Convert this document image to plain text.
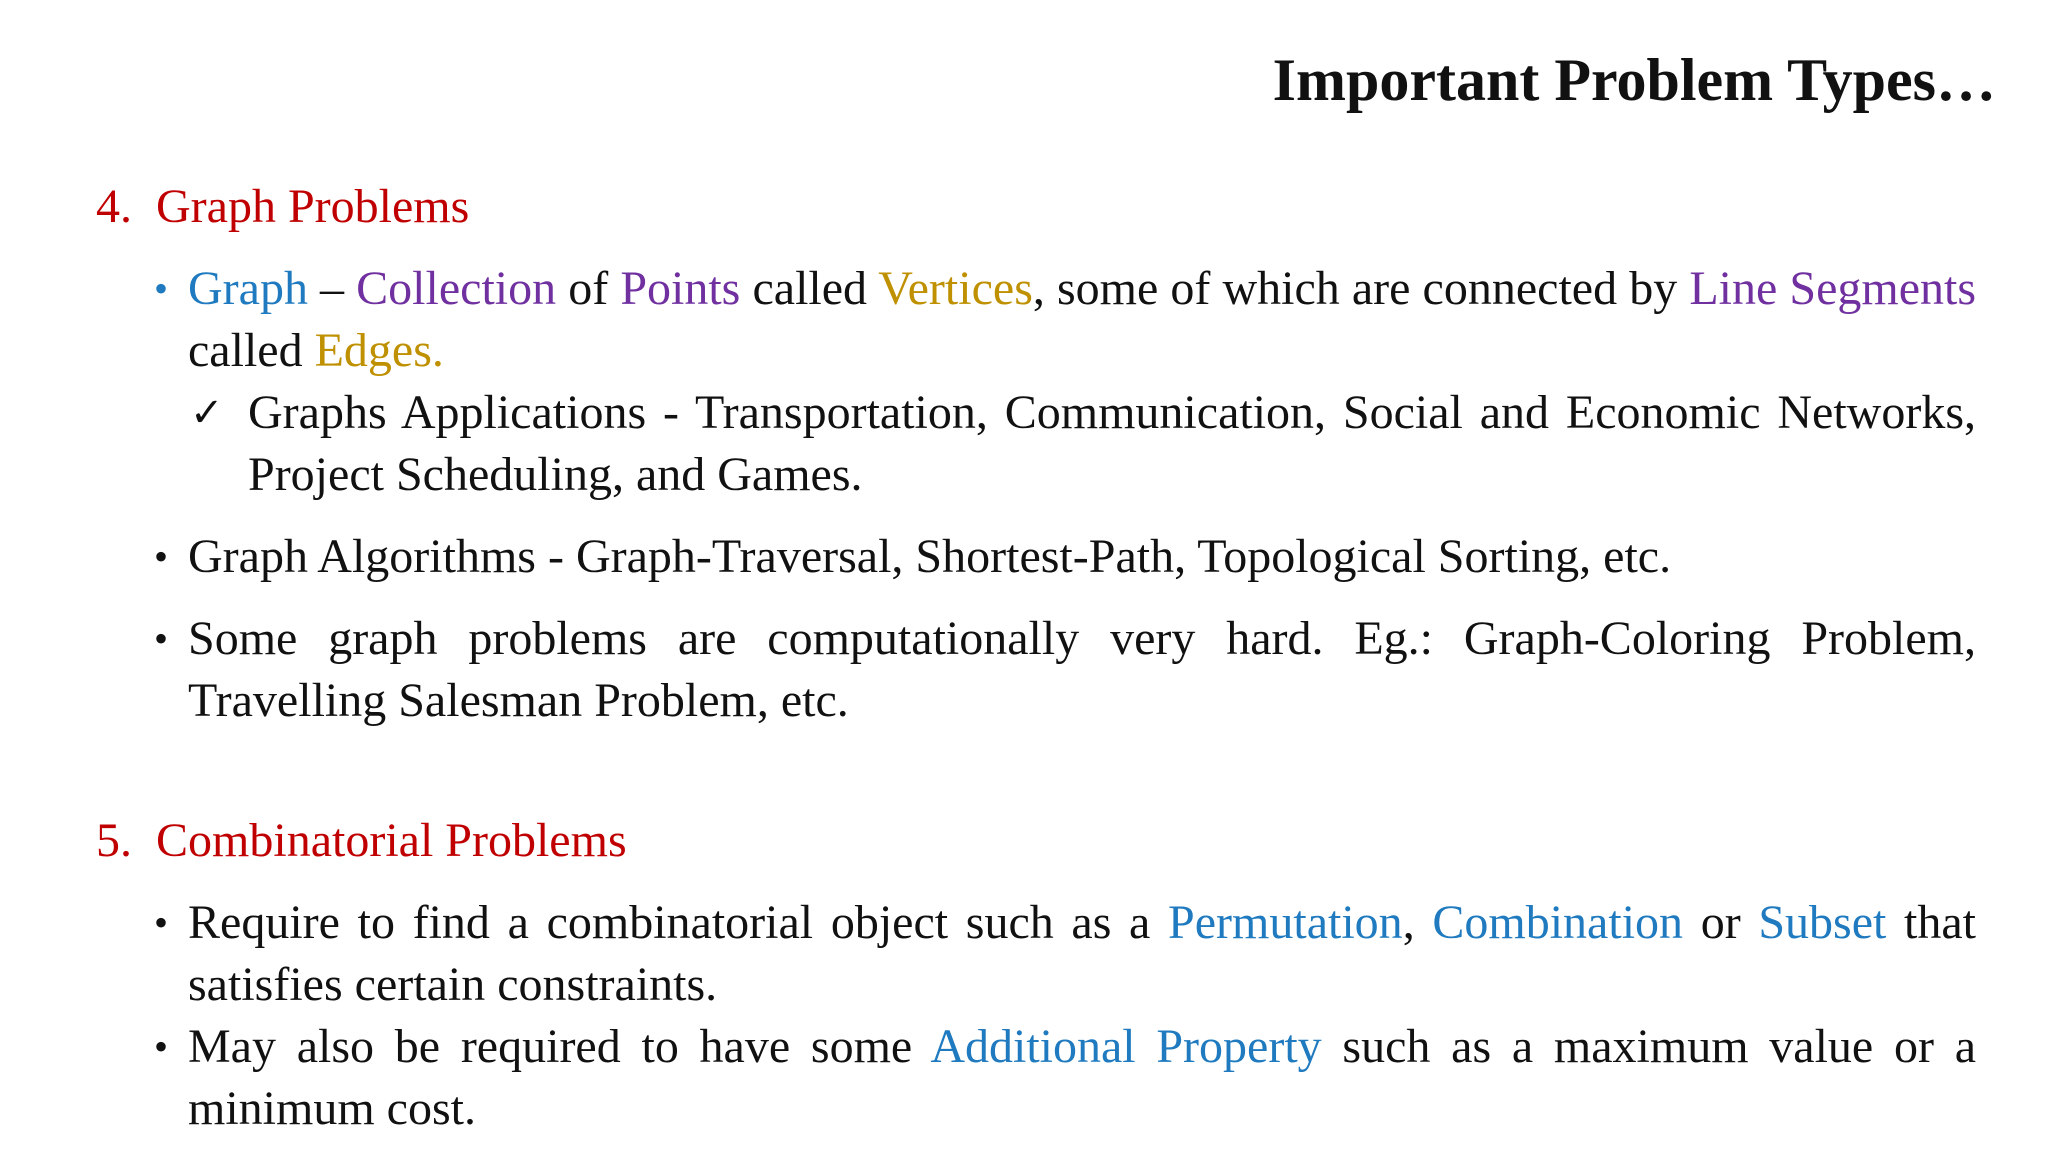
Important Problem Types…
4. Graph Problems
• Graph – Collection of Points called Vertices, some of which are connected by Line Segments called Edges.
✓ Graphs Applications - Transportation, Communication, Social and Economic Networks, Project Scheduling, and Games.
• Graph Algorithms - Graph-Traversal, Shortest-Path, Topological Sorting, etc.
• Some graph problems are computationally very hard. Eg.: Graph-Coloring Problem, Travelling Salesman Problem, etc.
5. Combinatorial Problems
• Require to find a combinatorial object such as a Permutation, Combination or Subset that satisfies certain constraints.
• May also be required to have some Additional Property such as a maximum value or a minimum cost.
